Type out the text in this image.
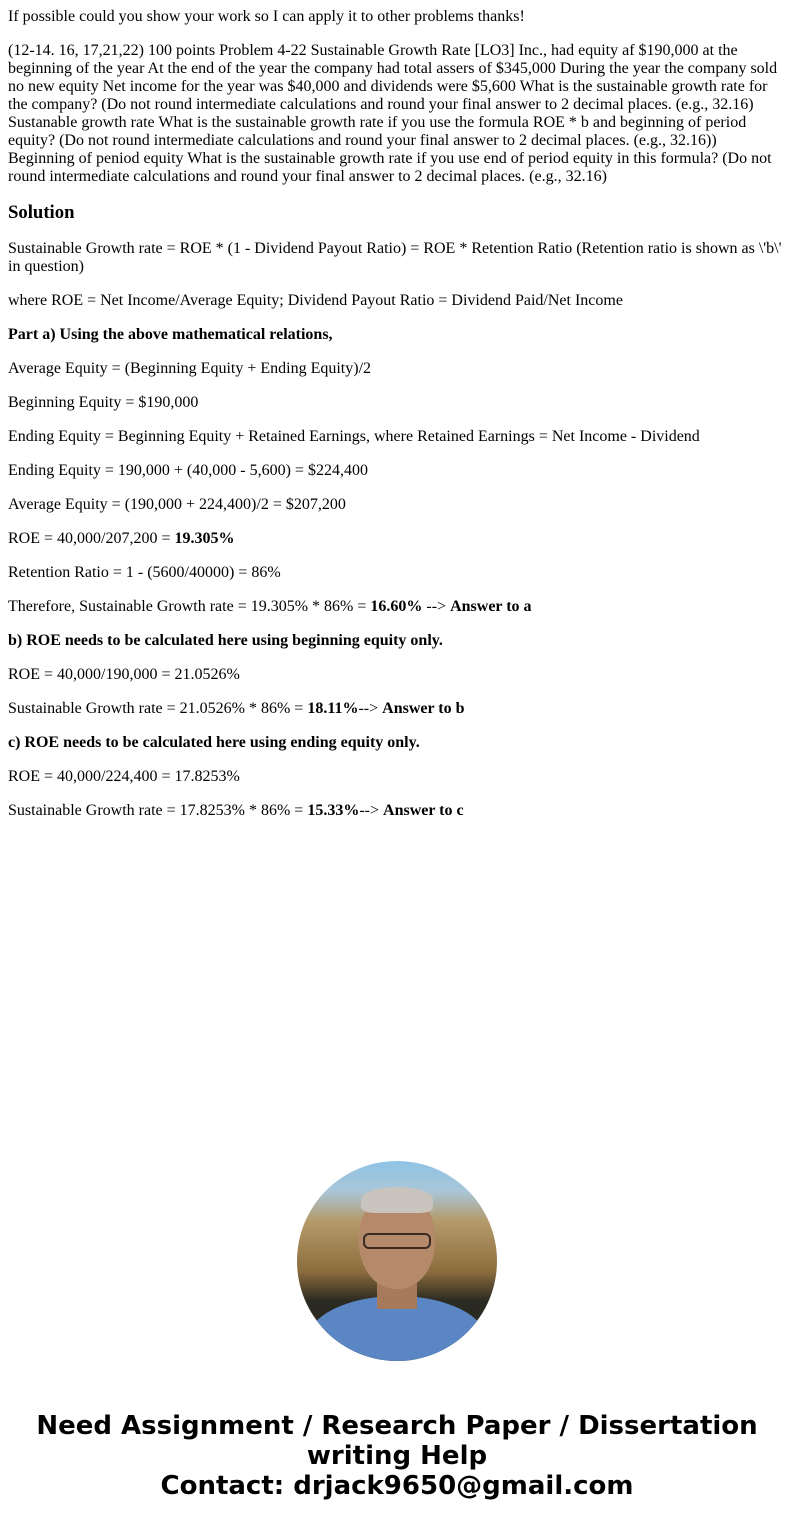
If possible could you show your work so I can apply it to other problems thanks!

(12-14. 16, 17,21,22) 100 points Problem 4-22 Sustainable Growth Rate [LO3] Inc., had equity af $190,000 at the beginning of the year At the end of the year the company had total assers of $345,000 During the year the company sold no new equity Net income for the year was $40,000 and dividends were $5,600 What is the sustainable growth rate for the company? (Do not round intermediate calculations and round your final answer to 2 decimal places. (e.g., 32.16) Sustanable growth rate What is the sustainable growth rate if you use the formula ROE * b and beginning of period equity? (Do not round intermediate calculations and round your final answer to 2 decimal places. (e.g., 32.16)) Beginning of peniod equity What is the sustainable growth rate if you use end of period equity in this formula? (Do not round intermediate calculations and round your final answer to 2 decimal places. (e.g., 32.16)

Solution

Sustainable Growth rate = ROE * (1 - Dividend Payout Ratio) = ROE * Retention Ratio (Retention ratio is shown as \'b\' in question)

where ROE = Net Income/Average Equity; Dividend Payout Ratio = Dividend Paid/Net Income

Part a) Using the above mathematical relations,

Average Equity = (Beginning Equity + Ending Equity)/2

Beginning Equity = $190,000

Ending Equity = Beginning Equity + Retained Earnings, where Retained Earnings = Net Income - Dividend

Ending Equity = 190,000 + (40,000 - 5,600) = $224,400

Average Equity = (190,000 + 224,400)/2 = $207,200

ROE = 40,000/207,200 = 19.305%

Retention Ratio = 1 - (5600/40000) = 86%

Therefore, Sustainable Growth rate = 19.305% * 86% = 16.60% --> Answer to a

b) ROE needs to be calculated here using beginning equity only.

ROE = 40,000/190,000 = 21.0526%

Sustainable Growth rate = 21.0526% * 86% = 18.11%--> Answer to b

c) ROE needs to be calculated here using ending equity only.

ROE = 40,000/224,400 = 17.8253%

Sustainable Growth rate = 17.8253% * 86% = 15.33%--> Answer to c

Need Assignment / Research Paper / Dissertation writing Help
Contact: drjack9650@gmail.com
